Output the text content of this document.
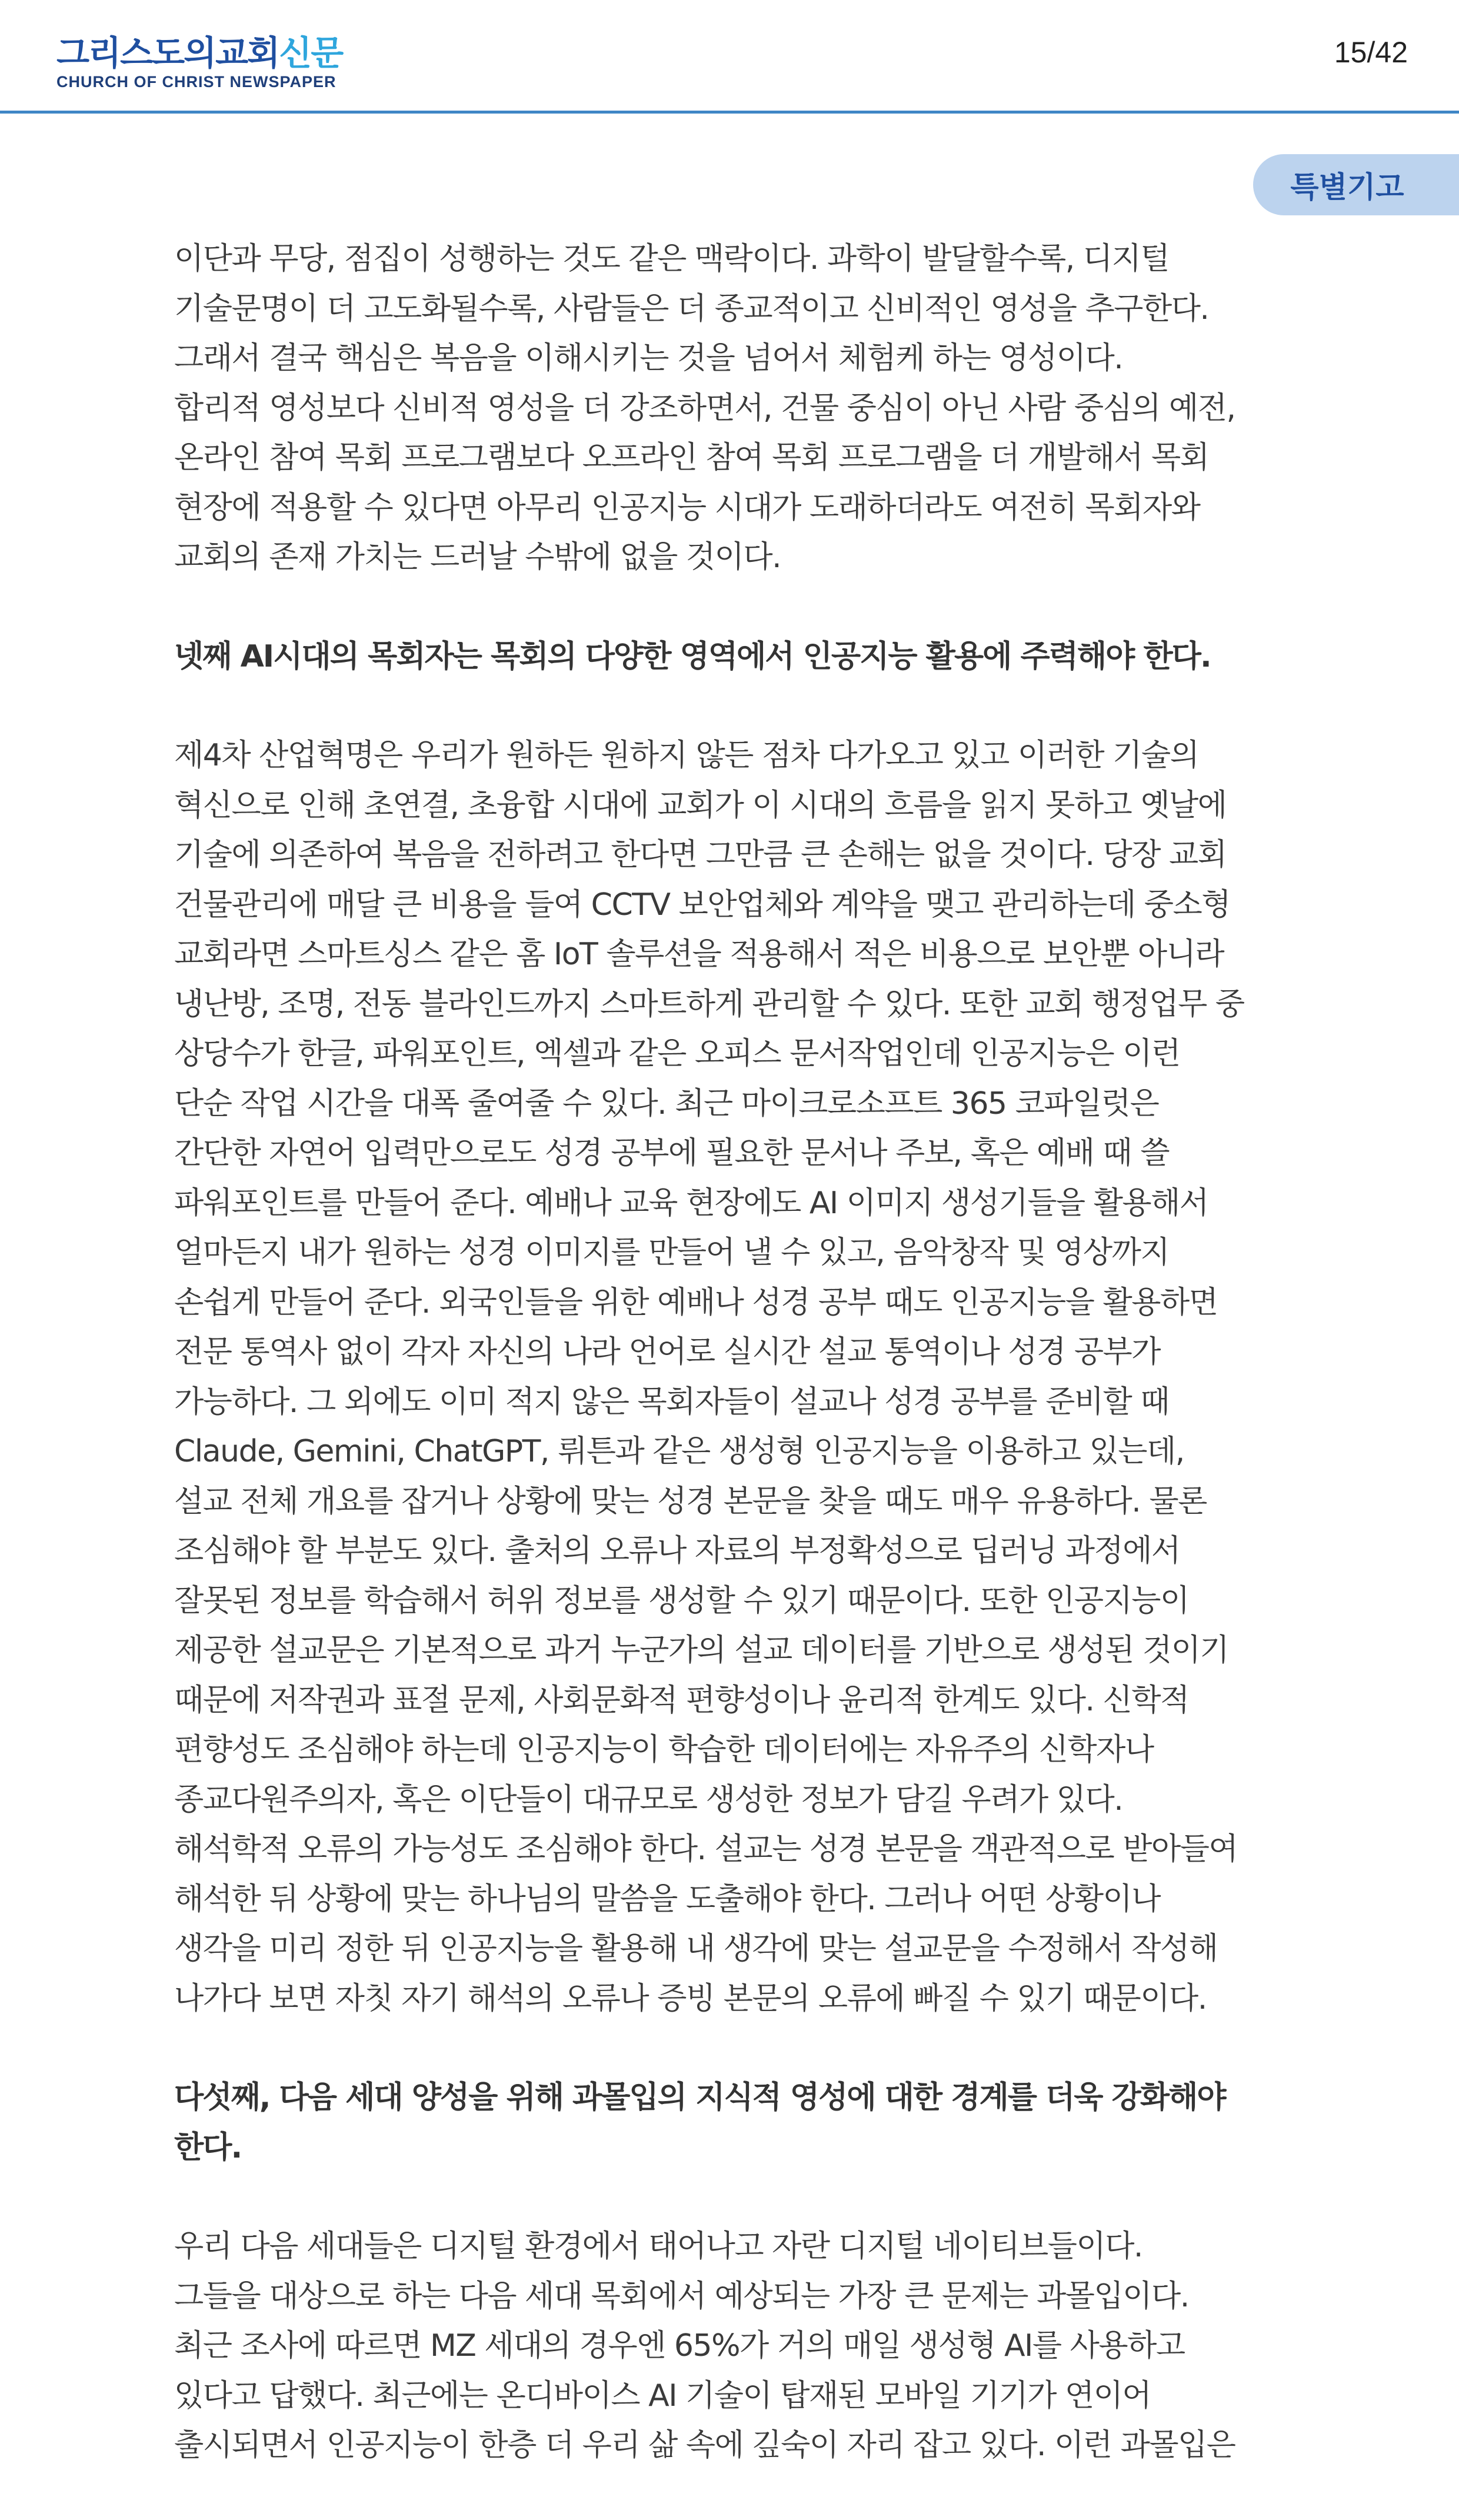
그리스도의교회신문
CHURCH OF CHRIST NEWSPAPER
15/42
특별기고
이단과 무당, 점집이 성행하는 것도 같은 맥락이다. 과학이 발달할수록, 디지털
기술문명이 더 고도화될수록, 사람들은 더 종교적이고 신비적인 영성을 추구한다.
그래서 결국 핵심은 복음을 이해시키는 것을 넘어서 체험케 하는 영성이다.
합리적 영성보다 신비적 영성을 더 강조하면서, 건물 중심이 아닌 사람 중심의 예전,
온라인 참여 목회 프로그램보다 오프라인 참여 목회 프로그램을 더 개발해서 목회
현장에 적용할 수 있다면 아무리 인공지능 시대가 도래하더라도 여전히 목회자와
교회의 존재 가치는 드러날 수밖에 없을 것이다.
넷째 AI시대의 목회자는 목회의 다양한 영역에서 인공지능 활용에 주력해야 한다.
제4차 산업혁명은 우리가 원하든 원하지 않든 점차 다가오고 있고 이러한 기술의
혁신으로 인해 초연결, 초융합 시대에 교회가 이 시대의 흐름을 읽지 못하고 옛날에
기술에 의존하여 복음을 전하려고 한다면 그만큼 큰 손해는 없을 것이다. 당장 교회
건물관리에 매달 큰 비용을 들여 CCTV 보안업체와 계약을 맺고 관리하는데 중소형
교회라면 스마트싱스 같은 홈 IoT 솔루션을 적용해서 적은 비용으로 보안뿐 아니라
냉난방, 조명, 전동 블라인드까지 스마트하게 관리할 수 있다. 또한 교회 행정업무 중
상당수가 한글, 파워포인트, 엑셀과 같은 오피스 문서작업인데 인공지능은 이런
단순 작업 시간을 대폭 줄여줄 수 있다. 최근 마이크로소프트 365 코파일럿은
간단한 자연어 입력만으로도 성경 공부에 필요한 문서나 주보, 혹은 예배 때 쓸
파워포인트를 만들어 준다. 예배나 교육 현장에도 AI 이미지 생성기들을 활용해서
얼마든지 내가 원하는 성경 이미지를 만들어 낼 수 있고, 음악창작 및 영상까지
손쉽게 만들어 준다. 외국인들을 위한 예배나 성경 공부 때도 인공지능을 활용하면
전문 통역사 없이 각자 자신의 나라 언어로 실시간 설교 통역이나 성경 공부가
가능하다. 그 외에도 이미 적지 않은 목회자들이 설교나 성경 공부를 준비할 때
Claude, Gemini, ChatGPT, 뤼튼과 같은 생성형 인공지능을 이용하고 있는데,
설교 전체 개요를 잡거나 상황에 맞는 성경 본문을 찾을 때도 매우 유용하다. 물론
조심해야 할 부분도 있다. 출처의 오류나 자료의 부정확성으로 딥러닝 과정에서
잘못된 정보를 학습해서 허위 정보를 생성할 수 있기 때문이다. 또한 인공지능이
제공한 설교문은 기본적으로 과거 누군가의 설교 데이터를 기반으로 생성된 것이기
때문에 저작권과 표절 문제, 사회문화적 편향성이나 윤리적 한계도 있다. 신학적
편향성도 조심해야 하는데 인공지능이 학습한 데이터에는 자유주의 신학자나
종교다원주의자, 혹은 이단들이 대규모로 생성한 정보가 담길 우려가 있다.
해석학적 오류의 가능성도 조심해야 한다. 설교는 성경 본문을 객관적으로 받아들여
해석한 뒤 상황에 맞는 하나님의 말씀을 도출해야 한다. 그러나 어떤 상황이나
생각을 미리 정한 뒤 인공지능을 활용해 내 생각에 맞는 설교문을 수정해서 작성해
나가다 보면 자칫 자기 해석의 오류나 증빙 본문의 오류에 빠질 수 있기 때문이다.
다섯째, 다음 세대 양성을 위해 과몰입의 지식적 영성에 대한 경계를 더욱 강화해야
한다.
우리 다음 세대들은 디지털 환경에서 태어나고 자란 디지털 네이티브들이다.
그들을 대상으로 하는 다음 세대 목회에서 예상되는 가장 큰 문제는 과몰입이다.
최근 조사에 따르면 MZ 세대의 경우엔 65%가 거의 매일 생성형 AI를 사용하고
있다고 답했다. 최근에는 온디바이스 AI 기술이 탑재된 모바일 기기가 연이어
출시되면서 인공지능이 한층 더 우리 삶 속에 깊숙이 자리 잡고 있다. 이런 과몰입은
